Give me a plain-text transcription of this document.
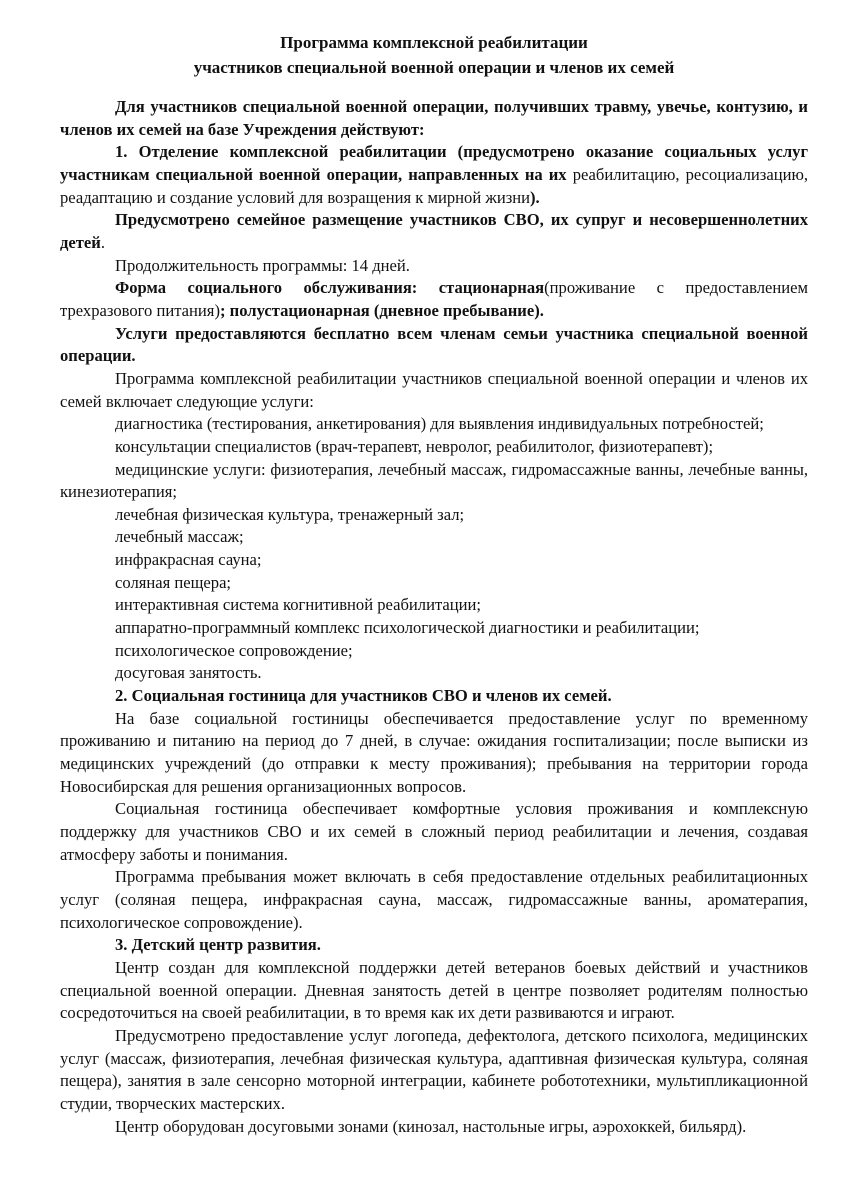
Программа комплексной реабилитации

участников специальной военной операции и членов их семей

Для участников специальной военной операции, получивших травму, увечье, контузию, и членов их семей на базе Учреждения действуют:

1. Отделение комплексной реабилитации (предусмотрено оказание социальных услуг участникам специальной военной операции, направленных на их реабилитацию, ресоциализацию, реадаптацию и создание условий для возращения к мирной жизни).

Предусмотрено семейное размещение участников СВО, их супруг и несовершеннолетних детей.

Продолжительность программы: 14 дней.

Форма социального обслуживания: стационарная(проживание с предоставлением трехразового питания); полустационарная (дневное пребывание).

Услуги предоставляются бесплатно всем членам семьи участника специальной военной операции.

Программа комплексной реабилитации участников специальной военной операции и членов их семей включает следующие услуги:

диагностика (тестирования, анкетирования) для выявления индивидуальных потребностей;

консультации специалистов (врач-терапевт, невролог, реабилитолог, физиотерапевт);

медицинские услуги: физиотерапия, лечебный массаж, гидромассажные ванны, лечебные ванны, кинезиотерапия;

лечебная физическая культура, тренажерный зал;

лечебный массаж;

инфракрасная сауна;

соляная пещера;

интерактивная система когнитивной реабилитации;

аппаратно-программный комплекс психологической диагностики и реабилитации;

психологическое сопровождение;

досуговая занятость.

2. Социальная гостиница для участников СВО и членов их семей.

На базе социальной гостиницы обеспечивается предоставление услуг по временному проживанию и питанию на период до 7 дней, в случае: ожидания госпитализации; после выписки из медицинских учреждений (до отправки к месту проживания); пребывания на территории города Новосибирская для решения организационных вопросов.

Социальная гостиница обеспечивает комфортные условия проживания и комплексную поддержку для участников СВО и их семей в сложный период реабилитации и лечения, создавая атмосферу заботы и понимания.

Программа пребывания может включать в себя предоставление отдельных реабилитационных услуг (соляная пещера, инфракрасная сауна, массаж, гидромассажные ванны, ароматерапия, психологическое сопровождение).

3. Детский центр развития.

Центр создан для комплексной поддержки детей ветеранов боевых действий и участников специальной военной операции. Дневная занятость детей в центре позволяет родителям полностью сосредоточиться на своей реабилитации, в то время как их дети развиваются и играют.

Предусмотрено предоставление услуг логопеда, дефектолога, детского психолога, медицинских услуг (массаж, физиотерапия, лечебная физическая культура, адаптивная физическая культура, соляная пещера), занятия в зале сенсорно моторной интеграции, кабинете робототехники, мультипликационной студии, творческих мастерских.

Центр оборудован досуговыми зонами (кинозал, настольные игры, аэрохоккей, бильярд).
